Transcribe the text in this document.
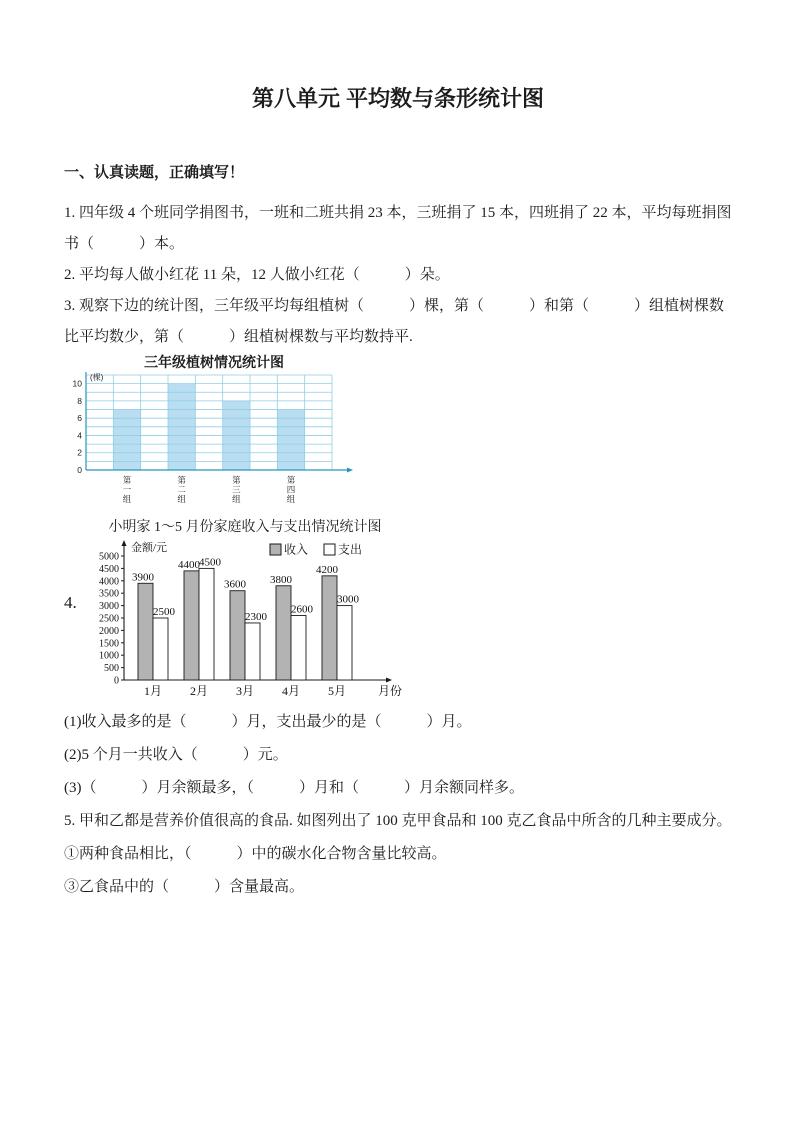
第八单元 平均数与条形统计图
一、认真读题，正确填写！

1. 四年级 4 个班同学捐图书，一班和二班共捐 23 本，三班捐了 15 本，四班捐了 22 本，平均每班捐图书（　　　）本。

2. 平均每人做小红花 11 朵，12 人做小红花（　　　）朵。

3. 观察下边的统计图，三年级平均每组植树（　　　）棵，第（　　　）和第（　　　）组植树棵数比平均数少，第（　　　）组植树棵数与平均数持平.

三年级植树情况统计图
0
2
4
6
8
10
(棵)
第一组
第二组
第三组
第四组
小明家 1～5 月份家庭收入与支出情况统计图
4.
0
500
1000
1500
2000
2500
3000
3500
4000
4500
5000
金额/元	收入 支出
3900
2500
4400 4500
3600
2300
3800
2600
4200
3000
1月 2月 3月 4月 5月	月份

(1)收入最多的是（　　　）月，支出最少的是（　　　）月。

(2)5 个月一共收入（　　　）元。

(3)（　　　）月余额最多，（　　　）月和（　　　）月余额同样多。

5. 甲和乙都是营养价值很高的食品. 如图列出了 100 克甲食品和 100 克乙食品中所含的几种主要成分。

①两种食品相比，（　　　）中的碳水化合物含量比较高。

③乙食品中的（　　　）含量最高。
